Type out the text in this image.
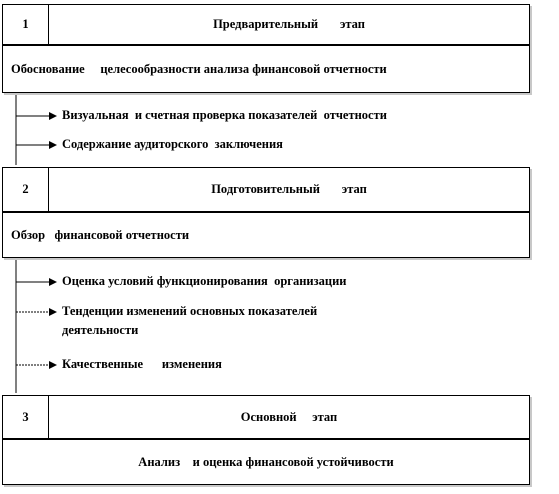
1	Предварительный       этап
Обоснование     целесообразности анализа финансовой отчетности
Визуальная  и счетная проверка показателей  отчетности
Содержание аудиторского  заключения
2	Подготовительный       этап
Обзор   финансовой отчетности
Оценка условий функционирования  организации
Тенденции изменений основных показателей деятельности
Качественные      изменения
3	Основной     этап
Анализ    и оценка финансовой устойчивости
